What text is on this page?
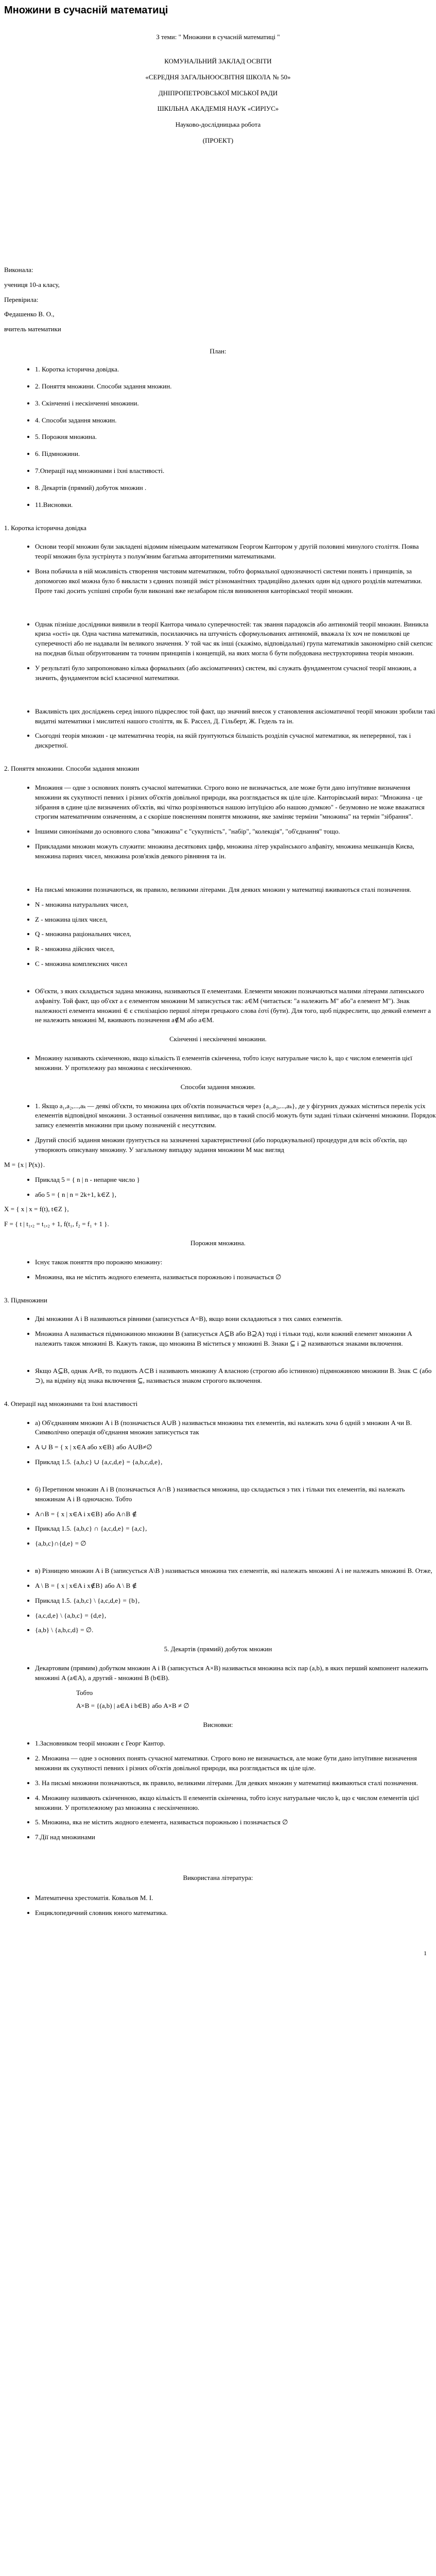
Множини в сучасній математиці

З теми: " Множини в сучасній математиці "

КОМУНАЛЬНИЙ ЗАКЛАД ОСВІТИ

«СЕРЕДНЯ ЗАГАЛЬНООСВІТНЯ ШКОЛА № 50»

ДНІПРОПЕТРОВСЬКОЇ МІСЬКОЇ РАДИ

ШКІЛЬНА АКАДЕМІЯ НАУК «СИРІУС»

Науково-дослідницька робота

(ПРОЕКТ)

Виконала:

учениця 10-а класу,

Перевірила:

Федашенко В. О.,

вчитель математики

План:

• 1. Коротка історична довідка.
• 2. Поняття множини. Способи задання множин.
• 3. Скінченні і нескінченні множини.
• 4. Способи задання множин.
• 5. Порожня множина.
• 6. Підмножини.
• 7.Операції над множинами і їхні властивості.
• 8. Декартів (прямий) добуток множин .
• 11.Висновки.

1. Коротка історична довідка

• Основи теорії множин були закладені відомим німецьким математиком Георгом Кантором у другій половині минулого століття. Поява теорії множин була зустрінута з полум'яним багатьма авторитетними математиками.
• Вона побачила в ній можливість створення чистовим математиком, тобто формальної однозначності системи понять і принципів, за допомогою якої можна було б викласти з єдиних позицій зміст різноманітних традиційно далеких один від одного розділів математики. Проте такі досить успішні спроби були виконані вже незабаром після виникнення канторівської теорії множин.
• Однак пізніше дослідники виявили в теорії Кантора чимало суперечностей: так звання парадоксів або антиномій теорії множин. Виникла криза «ості» ця. Одна частина математиків, посилаючись на штучність сформульованих антиномій, вважала їх хоч не помилкові це суперечності або не надавали їм великого значення. У той час як інші (скажімо, відповідальні) група математиків закономірно свій скепсис на поєднав більш обґрунтованим та точним принципів і концепцій, на яких могла б бути побудована неструкторивна теорія множин.
• У результаті було запропоновано кілька формальних (або аксіоматичних) систем, які служать фундаментом сучасної теорії множин, а значить, фундаментом всієї класичної математики.
• Важливість цих досліджень серед іншого підкреслює той факт, що значний внесок у становлення аксіоматичної теорії множин зробили такі видатні математики і мислителі нашого століття, як Б. Рассел, Д. Гільберт, Ж. Гедель та ін.
• Сьогодні теорія множин - це математична теорія, на якій ґрунтуються більшість розділів сучасної математики, як неперервної, так і дискретної.

2. Поняття множини. Способи задання множин

• Множиня — одне з основних понять сучасної математики. Строго воно не визначається, але може бути дано інтуїтивне визначення множини як сукупності певних і різних об'єктів довільної природи, яка розглядається як ціле ціле. Канторівський вираз: "Множина - це зібрання в єдине ціле визначених об'єктів, які чітко розрізняються нашою інтуїцією або нашою думкою" - безумовно не може вважатися строгим математичним означенням, а є скоріше поясненням поняття множини, яке заміняє терміни "множина" на термін "зібрання".
• Іншими синонімами до основного слова "множина" є "сукупність", "набір", "колекція", "об'єднання" тощо.
• Прикладами множин можуть служити: множина десяткових цифр, множина літер українського алфавіту, множина мешканців Києва, множина парних чисел, множина розв'язків деякого рівняння та ін.
• На письмі множини позначаються, як правило, великими літерами. Для деяких множин у математиці вживаються сталі позначення.
• N - множина натуральних чисел,
• Z - множина цілих чисел,
• Q - множина раціональних чисел,
• R - множина дійсних чисел,
• C - множина комплексних чисел
• Об'єкти, з яких складається задана множина, називаються її елементами. Елементи множин позначаються малими літерами латинського алфавіту. Той факт, що об'єкт а є елементом множини M записується так: a∈M (читається: "а належить M" або"а елемент M"). Знак належності елемента множині ∈ є стилізацією першої літери грецького слова ἐστί (бути). Для того, щоб підкреслити, що деякий елемент а не належить множині M, вживають позначення a∉M або a∈M.

Скінченні і нескінченні множини.

• Множину називають скінченною, якщо кількість її елементів скінченна, тобто існує натуральне число k, що є числом елементів цієї множини. У протилежну раз множина є нескінченною.

Способи задання множин.

• 1. Якщо a₁,a₂,...,aₖ — деякі об'єкти, то множина цих об'єктів позначається через {a₁,a₂,...,aₖ}, де у фігурних дужках міститься перелік усіх елементів відповідної множини. З останньої означення випливає, що в такий спосіб можуть бути задані тільки скінченні множини. Порядок запису елементів множини при цьому позначеній є несуттєвим.
• Другий спосіб задання множин ґрунтується на зазначенні характеристичної (або породжувальної) процедури для всіх об'єктів, що утворюють описувану множину. У загальному випадку задання множини M має вигляд

M = {x | P(x)}.

• Приклад 5 = { n | n - непарне число }
• або 5 = { n | n = 2k+1, k∈Z },

X = { x | x = f(t), t∈Z },

F = { t | t₁,₂ = t₁,₂ + 1, f(t₁, f₂ = f₁ + 1 }.

Порожня множина.

• Існує також поняття про порожню множину:
• Множина, яка не містить жодного елемента, називається порожньою і позначається ∅

3. Підмножини

• Дві множини A і B називаються рівними (записується A=B), якщо вони складаються з тих самих елементів.
• Множина A називається підмножиною множини B (записується A⊆B або B⊇A) тоді і тільки тоді, коли кожний елемент множини A належить також множині B. Кажуть також, що множина B міститься у множині B. Знаки ⊆ і ⊇ називаються знаками включення.
• Якщо A⊆B, однак A≠B, то подають A⊂B і називають множину A власною (строгою або істинною) підмножиною множини B. Знак ⊂ (або ⊃), на відміну від знака включення ⊆, називається знаком строгого включення.

4. Операції над множинами та їхні властивості

• а) Об'єднанням множин A і B (позначається A∪B ) називається множина тих елементів, які належать хоча б одній з множин A чи B. Символічно операція об'єднання множин записується так
• A ∪ B = { x | x∈A або x∈B} або A∪B≠∅
• Приклад 1.5. {a,b,c} ∪ {a,c,d,e} = {a,b,c,d,e},
• б) Перетином множин A і B (позначається A∩B ) називається множина, що складається з тих і тільки тих елементів, які належать множинам A і B одночасно. Тобто
• A∩B = { x | x∈A і x∈B} або A∩B ∉
• Приклад 1.5. {a,b,c} ∩ {a,c,d,e} = {a,c},
• {a,b,c}∩{d,e} = ∅
• в) Різницею множин A і B (записується A\B ) називається множина тих елементів, які належать множині A і не належать множині B. Отже,
• A \ B = { x | x∈A і x∉B} або A \ B ∉
• Приклад 1.5. {a,b,c} \ {a,c,d,e} = {b},
• {a,c,d,e} \ {a,b,c} = {d,e},
• {a,b} \ {a,b,c,d} = ∅.

5. Декартів (прямий) добуток множин

• Декартовим (прямим) добутком множин A і B (записується A×B) називається множина всіх пар (a,b), в яких перший компонент належить множині A (a∈A), а другий - множині B (b∈B).

Тобто

A×B = {(a,b) | a∈A і b∈B} або A×B ≠ ∅

Висновки:

• 1.Засновником теорії множин є Георг Кантор.
• 2. Множина — одне з основних понять сучасної математики. Строго воно не визначається, але може бути дано інтуїтивне визначення множини як сукупності певних і різних об'єктів довільної природи, яка розглядається як ціле ціле.
• 3. На письмі множини позначаються, як правило, великими літерами. Для деяких множин у математиці вживаються сталі позначення.
• 4. Множину називають скінченною, якщо кількість її елементів скінченна, тобто існує натуральне число k, що є числом елементів цієї множини. У протилежному раз множина є нескінченною.
• 5. Множина, яка не містить жодного елемента, називається порожньою і позначається ∅
• 7.Дії над множинами

Використана література:

• Математична хрестоматія. Ковальов М. І.
• Енциклопедичний словник юного математика.
1
